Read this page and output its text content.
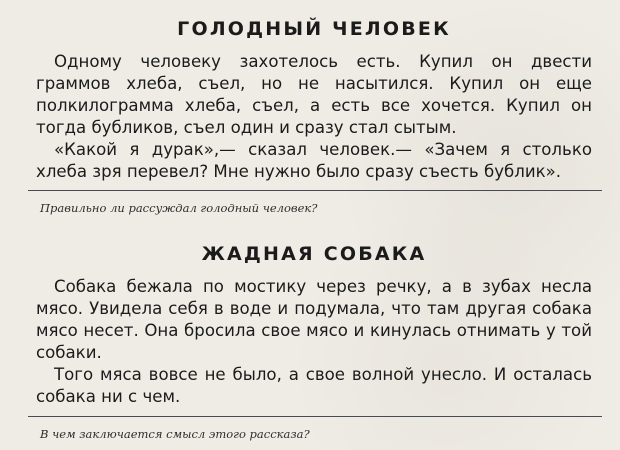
ГОЛОДНЫЙ ЧЕЛОВЕК

Одному человеку захотелось есть. Купил он двести граммов хлеба, съел, но не насытился. Купил он еще полкилограмма хлеба, съел, а есть все хочется. Купил он тогда бубликов, съел один и сразу стал сытым.

«Какой я дурак»,— сказал человек.— «Зачем я столько хлеба зря перевел? Мне нужно было сразу съесть бублик».

Правильно ли рассуждал голодный человек?
ЖАДНАЯ СОБАКА

Собака бежала по мостику через речку, а в зубах несла мясо. Увидела себя в воде и подумала, что там другая собака мясо несет. Она бросила свое мясо и кинулась отнимать у той собаки.

Того мяса вовсе не было, а свое волной унесло. И осталась собака ни с чем.

В чем заключается смысл этого рассказа?
